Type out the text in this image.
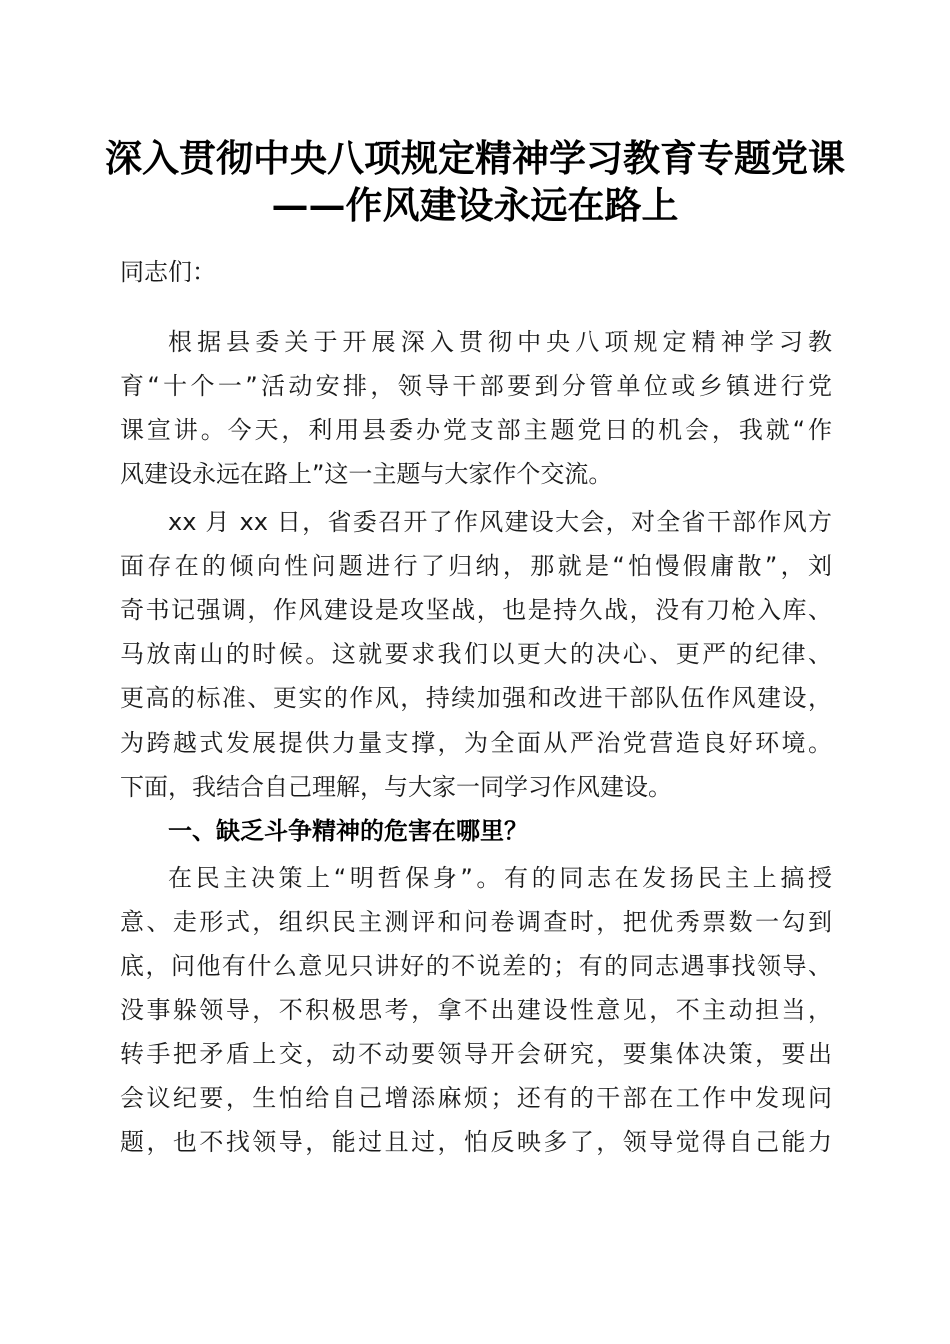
深入贯彻中央八项规定精神学习教育专题党课
——作风建设永远在路上

同志们：

根据县委关于开展深入贯彻中央八项规定精神学习教

育“十个一”活动安排，领导干部要到分管单位或乡镇进行党

课宣讲。今天，利用县委办党支部主题党日的机会，我就“作

风建设永远在路上”这一主题与大家作个交流。

xx 月 xx 日，省委召开了作风建设大会，对全省干部作风方

面存在的倾向性问题进行了归纳，那就是“怕慢假庸散”，刘

奇书记强调，作风建设是攻坚战，也是持久战，没有刀枪入库、

马放南山的时候。这就要求我们以更大的决心、更严的纪律、

更高的标准、更实的作风，持续加强和改进干部队伍作风建设，

为跨越式发展提供力量支撑，为全面从严治党营造良好环境。

下面，我结合自己理解，与大家一同学习作风建设。

一、缺乏斗争精神的危害在哪里？

在民主决策上“明哲保身”。有的同志在发扬民主上搞授

意、走形式，组织民主测评和问卷调查时，把优秀票数一勾到

底，问他有什么意见只讲好的不说差的；有的同志遇事找领导、

没事躲领导，不积极思考，拿不出建设性意见，不主动担当，

转手把矛盾上交，动不动要领导开会研究，要集体决策，要出

会议纪要，生怕给自己增添麻烦；还有的干部在工作中发现问

题，也不找领导，能过且过，怕反映多了，领导觉得自己能力
